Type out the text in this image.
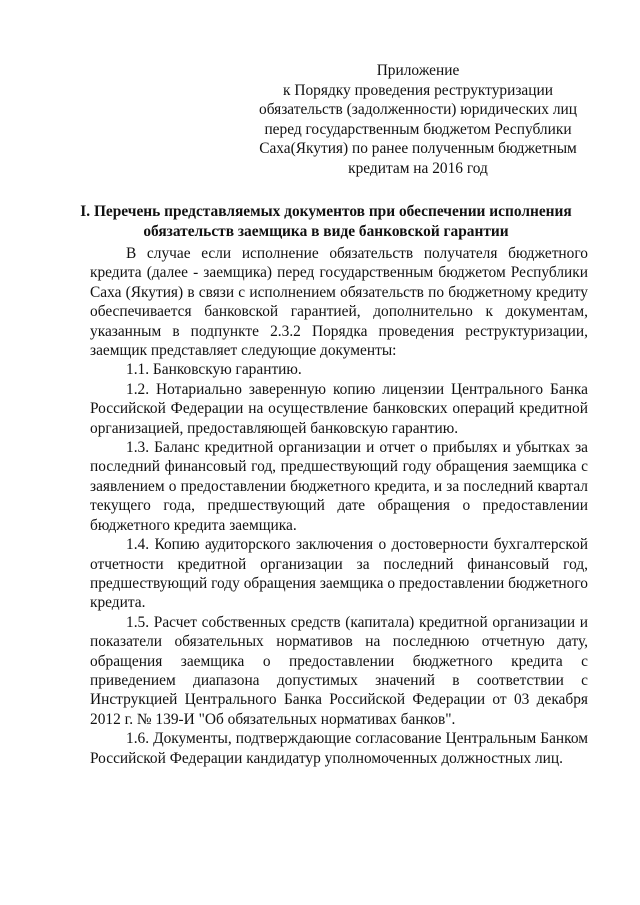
Приложение
к Порядку проведения реструктуризации
обязательств (задолженности) юридических лиц
перед государственным бюджетом Республики
Саха(Якутия) по ранее полученным бюджетным
кредитам на 2016 год
I. Перечень представляемых документов при обеспечении исполнения
обязательств заемщика в виде банковской гарантии

В случае если исполнение обязательств получателя бюджетного кредита (далее - заемщика) перед государственным бюджетом Республики Саха (Якутия) в связи с исполнением обязательств по бюджетному кредиту обеспечивается банковской гарантией, дополнительно к документам, указанным в подпункте 2.3.2 Порядка проведения реструктуризации, заемщик представляет следующие документы:

1.1. Банковскую гарантию.

1.2. Нотариально заверенную копию лицензии Центрального Банка Российской Федерации на осуществление банковских операций кредитной организацией, предоставляющей банковскую гарантию.

1.3. Баланс кредитной организации и отчет о прибылях и убытках за последний финансовый год, предшествующий году обращения заемщика с заявлением о предоставлении бюджетного кредита, и за последний квартал текущего года, предшествующий дате обращения о предоставлении бюджетного кредита заемщика.

1.4. Копию аудиторского заключения о достоверности бухгалтерской отчетности кредитной организации за последний финансовый год, предшествующий году обращения заемщика о предоставлении бюджетного кредита.

1.5. Расчет собственных средств (капитала) кредитной организации и показатели обязательных нормативов на последнюю отчетную дату, обращения заемщика о предоставлении бюджетного кредита с приведением диапазона допустимых значений в соответствии с Инструкцией Центрального Банка Российской Федерации от 03 декабря 2012 г. № 139-И "Об обязательных нормативах банков".

1.6. Документы, подтверждающие согласование Центральным Банком Российской Федерации кандидатур уполномоченных должностных лиц.
